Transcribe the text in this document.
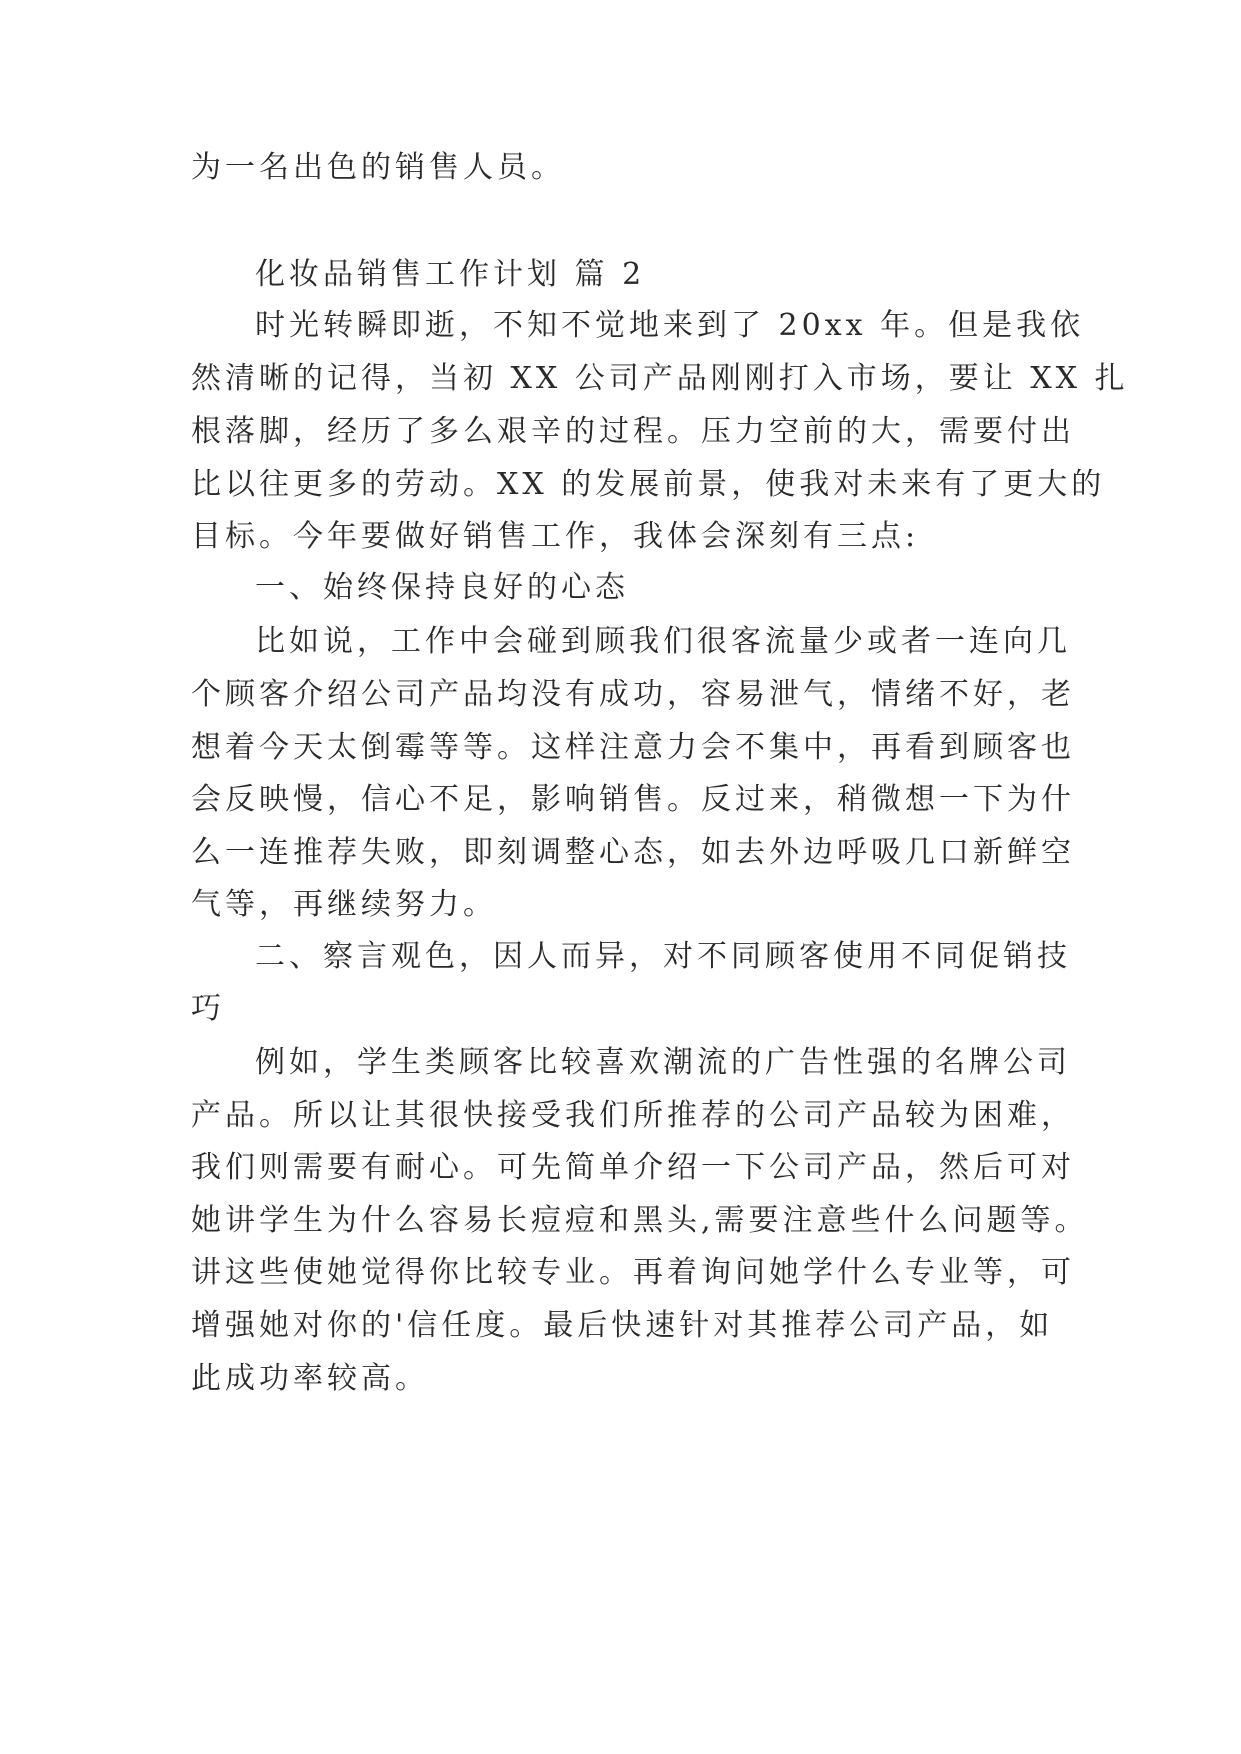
为一名出色的销售人员。
化妆品销售工作计划 篇 2
时光转瞬即逝，不知不觉地来到了 20xx 年。但是我依
然清晰的记得，当初 XX 公司产品刚刚打入市场，要让 XX 扎
根落脚，经历了多么艰辛的过程。压力空前的大，需要付出
比以往更多的劳动。XX 的发展前景，使我对未来有了更大的
目标。今年要做好销售工作，我体会深刻有三点:
一、始终保持良好的心态
比如说，工作中会碰到顾我们很客流量少或者一连向几
个顾客介绍公司产品均没有成功，容易泄气，情绪不好，老
想着今天太倒霉等等。这样注意力会不集中，再看到顾客也
会反映慢，信心不足，影响销售。反过来，稍微想一下为什
么一连推荐失败，即刻调整心态，如去外边呼吸几口新鲜空
气等，再继续努力。
二、察言观色，因人而异，对不同顾客使用不同促销技
巧
例如，学生类顾客比较喜欢潮流的广告性强的名牌公司
产品。所以让其很快接受我们所推荐的公司产品较为困难，
我们则需要有耐心。可先简单介绍一下公司产品，然后可对
她讲学生为什么容易长痘痘和黑头,需要注意些什么问题等。
讲这些使她觉得你比较专业。再着询问她学什么专业等，可
增强她对你的'信任度。最后快速针对其推荐公司产品，如
此成功率较高。
